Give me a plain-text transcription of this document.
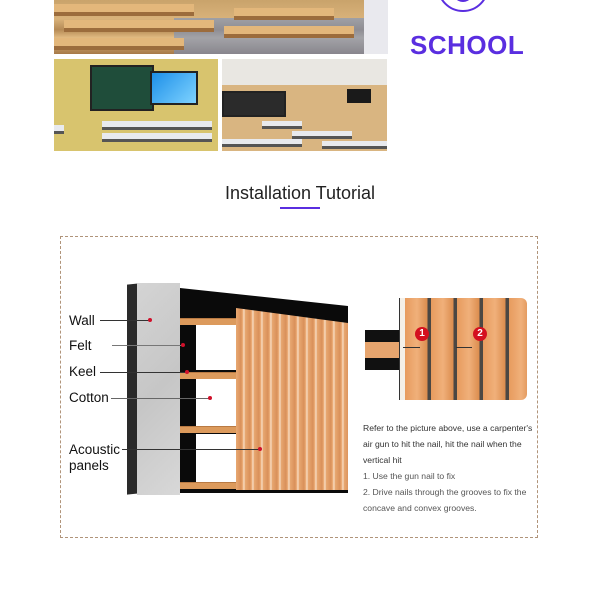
SCHOOL
Installation Tutorial
Wall
Felt
Keel
Cotton
Acoustic
panels
1	2

Refer to the picture above, use a carpenter's

air gun to hit the nail, hit the nail when the

vertical hit

1. Use the gun nail to fix

2. Drive nails through the grooves to fix the

concave and convex grooves.
